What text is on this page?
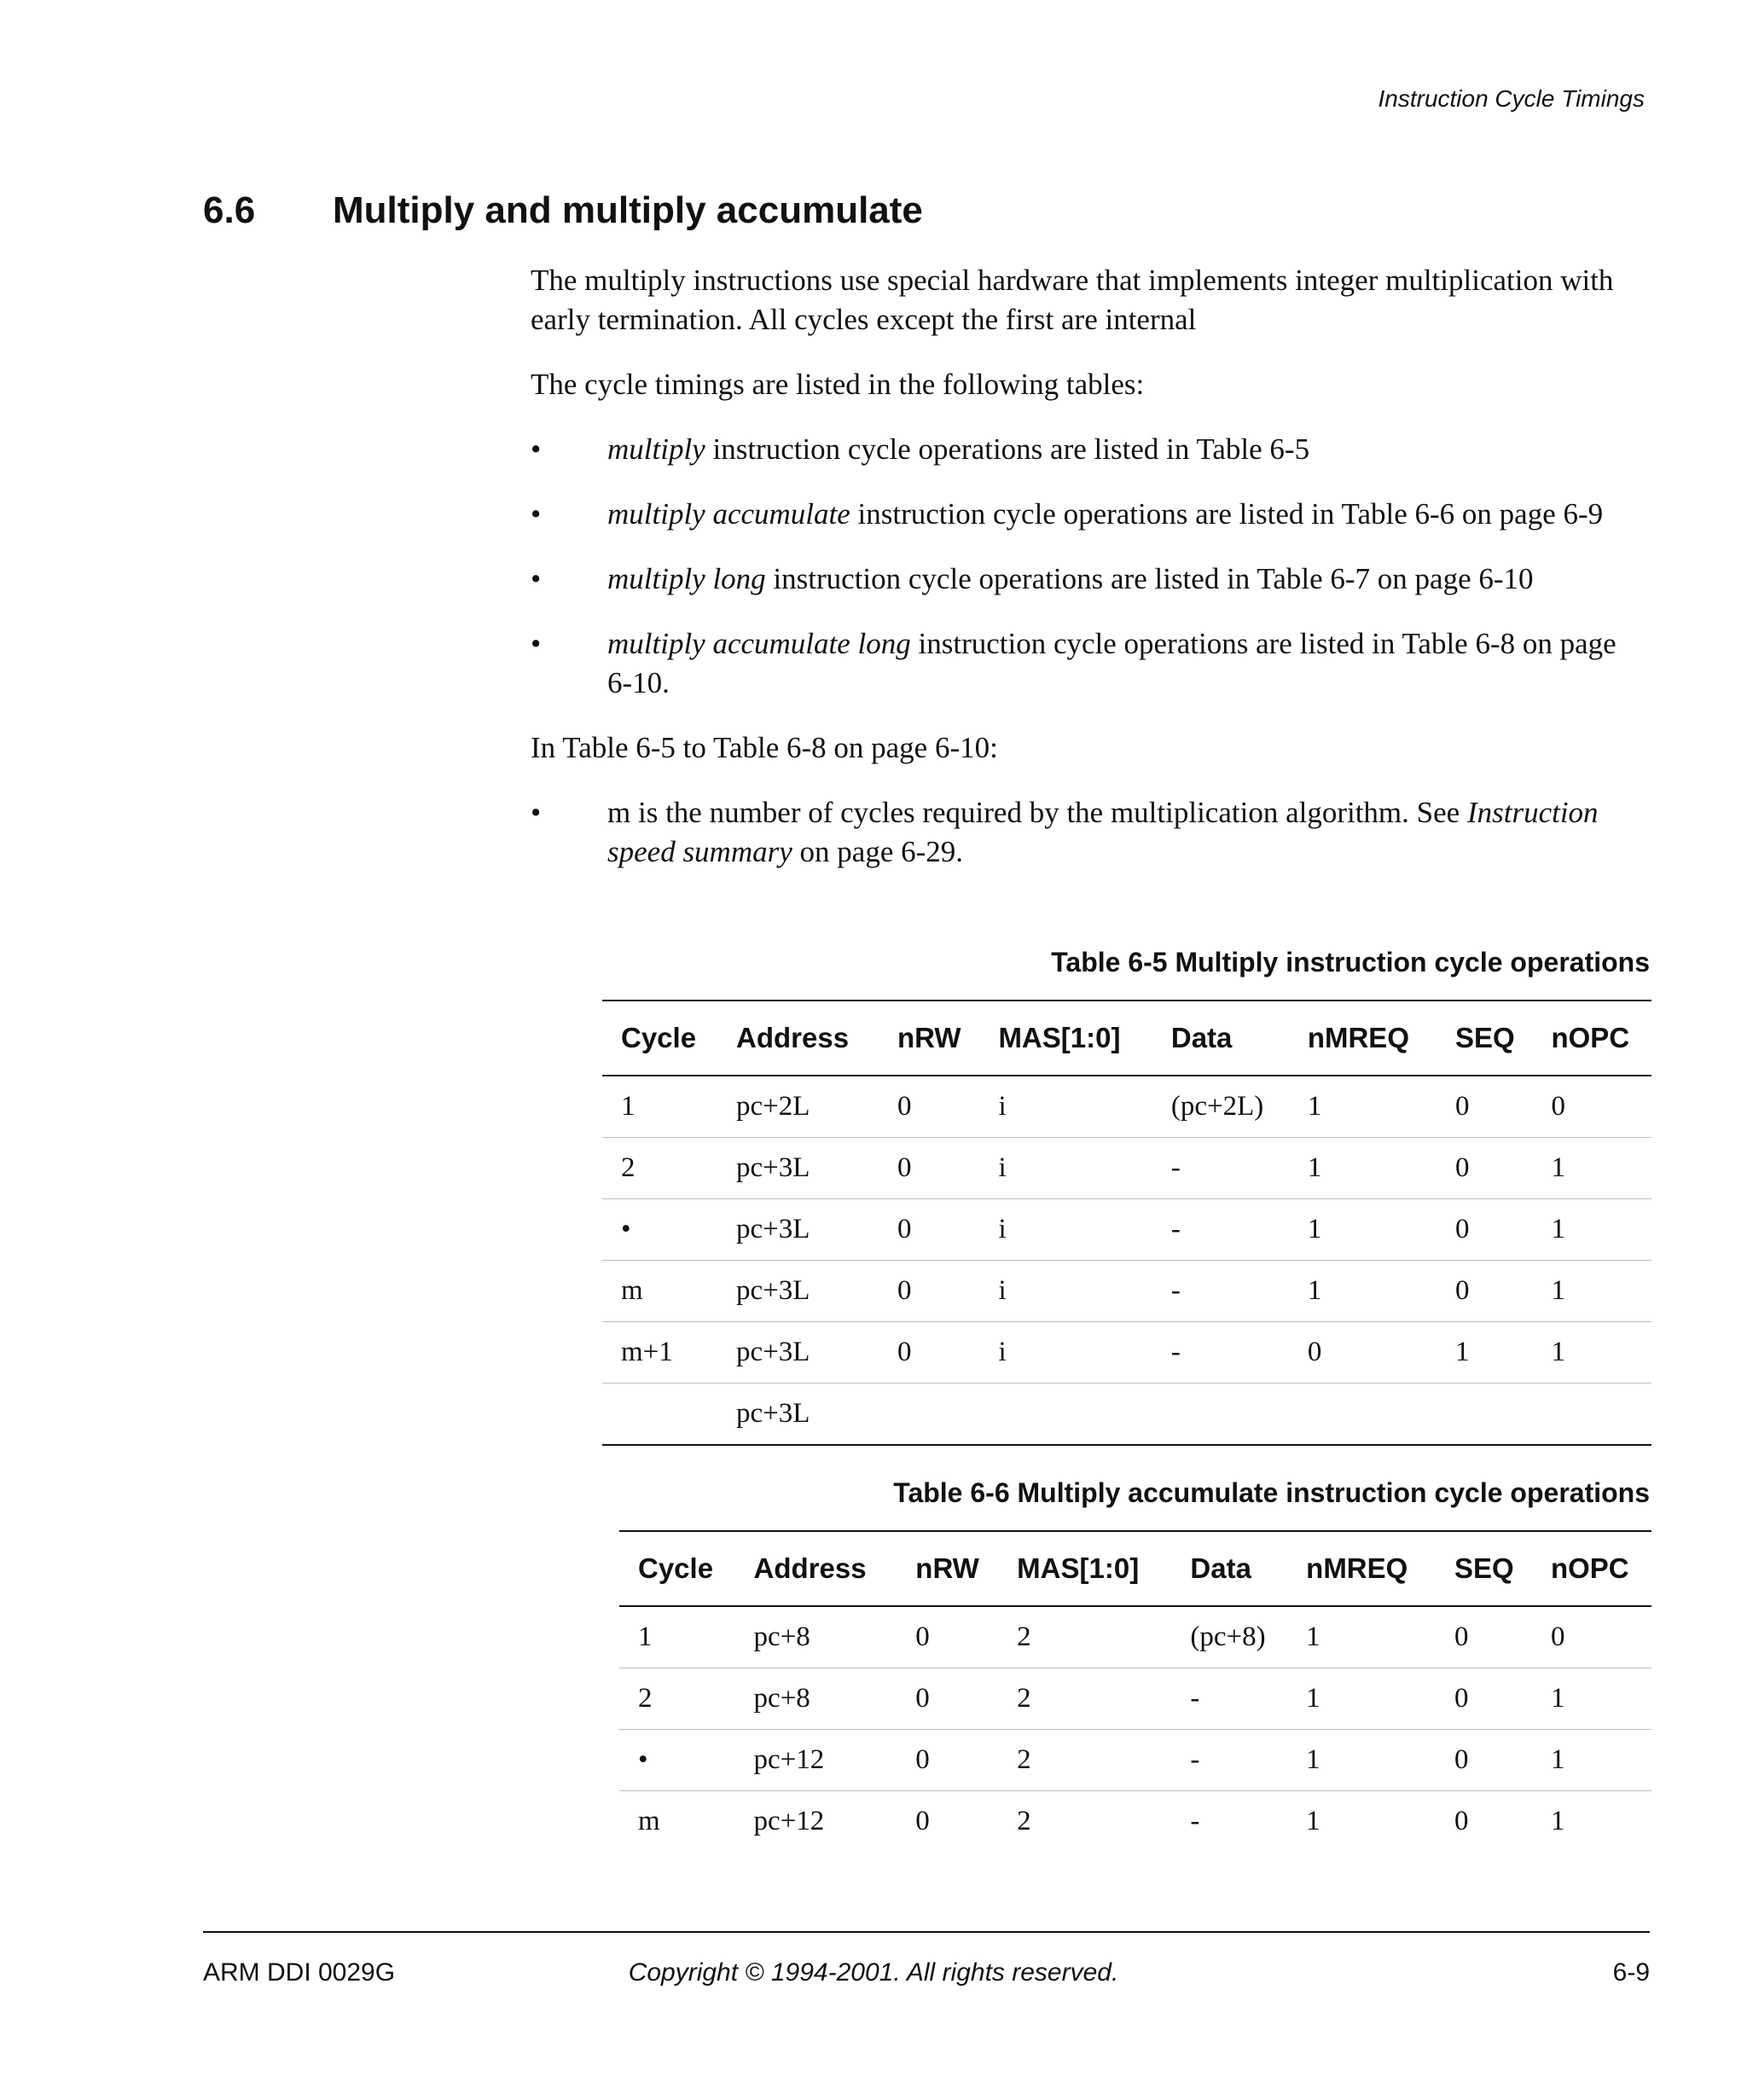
Instruction Cycle Timings
6.6 Multiply and multiply accumulate

The multiply instructions use special hardware that implements integer multiplication with early termination. All cycles except the first are internal

The cycle timings are listed in the following tables:

• multiply instruction cycle operations are listed in Table 6-5
• multiply accumulate instruction cycle operations are listed in Table 6-6 on page 6-9
• multiply long instruction cycle operations are listed in Table 6-7 on page 6-10
• multiply accumulate long instruction cycle operations are listed in Table 6-8 on page 6-10.

In Table 6-5 to Table 6-8 on page 6-10:

• m is the number of cycles required by the multiplication algorithm. See Instruction speed summary on page 6-29.
Table 6-5 Multiply instruction cycle operations
Cycle	Address	nRW	MAS[1:0]	Data	nMREQ	SEQ	nOPC
1	pc+2L	0	i	(pc+2L)	1	0	0
2	pc+3L	0	i	-	1	0	1
•	pc+3L	0	i	-	1	0	1
m	pc+3L	0	i	-	1	0	1
m+1	pc+3L	0	i	-	0	1	1
	pc+3L						
Table 6-6 Multiply accumulate instruction cycle operations
Cycle	Address	nRW	MAS[1:0]	Data	nMREQ	SEQ	nOPC
1	pc+8	0	2	(pc+8)	1	0	0
2	pc+8	0	2	-	1	0	1
•	pc+12	0	2	-	1	0	1
m	pc+12	0	2	-	1	0	1
ARM DDI 0029G	Copyright © 1994-2001. All rights reserved.	6-9
